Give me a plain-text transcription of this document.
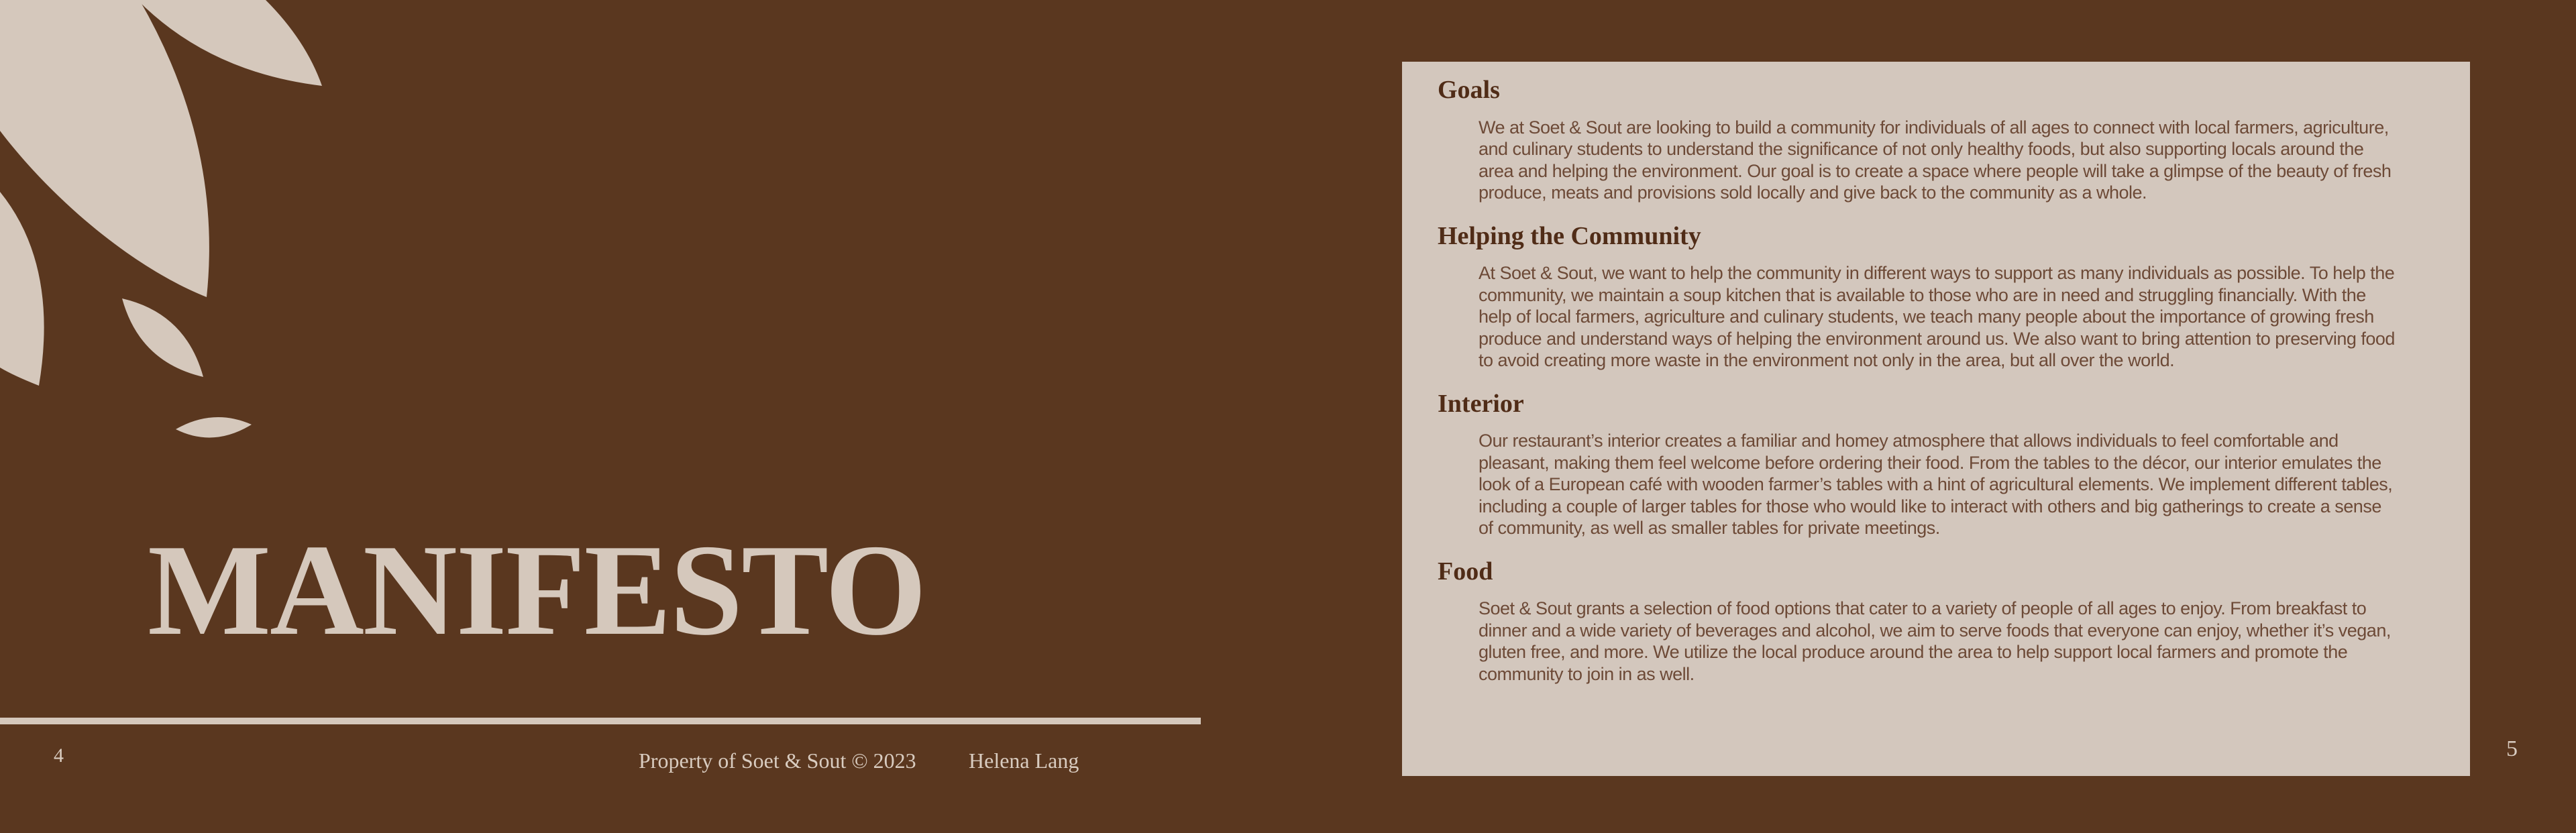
MANIFESTO
4	Property of Soet & Sout © 2023 Helena Lang
Goals

We at Soet & Sout are looking to build a community for individuals of all ages to connect with local farmers, agriculture, and culinary students to understand the significance of not only healthy foods, but also supporting locals around the area and helping the environment. Our goal is to create a space where people will take a glimpse of the beauty of fresh produce, meats and provisions sold locally and give back to the community as a whole.

Helping the Community

At Soet & Sout, we want to help the community in different ways to support as many individuals as possible. To help the community, we maintain a soup kitchen that is available to those who are in need and struggling financially. With the help of local farmers, agriculture and culinary students, we teach many people about the importance of growing fresh produce and understand ways of helping the environment around us. We also want to bring attention to preserving food to avoid creating more waste in the environment not only in the area, but all over the world.

Interior

Our restaurant’s interior creates a familiar and homey atmosphere that allows individuals to feel comfortable and pleasant, making them feel welcome before ordering their food. From the tables to the décor, our interior emulates the look of a European café with wooden farmer’s tables with a hint of agricultural elements. We implement different tables, including a couple of larger tables for those who would like to interact with others and big gatherings to create a sense of community, as well as smaller tables for private meetings.

Food

Soet & Sout grants a selection of food options that cater to a variety of people of all ages to enjoy. From breakfast to dinner and a wide variety of beverages and alcohol, we aim to serve foods that everyone can enjoy, whether it’s vegan, gluten free, and more. We utilize the local produce around the area to help support local farmers and promote the community to join in as well.

5
